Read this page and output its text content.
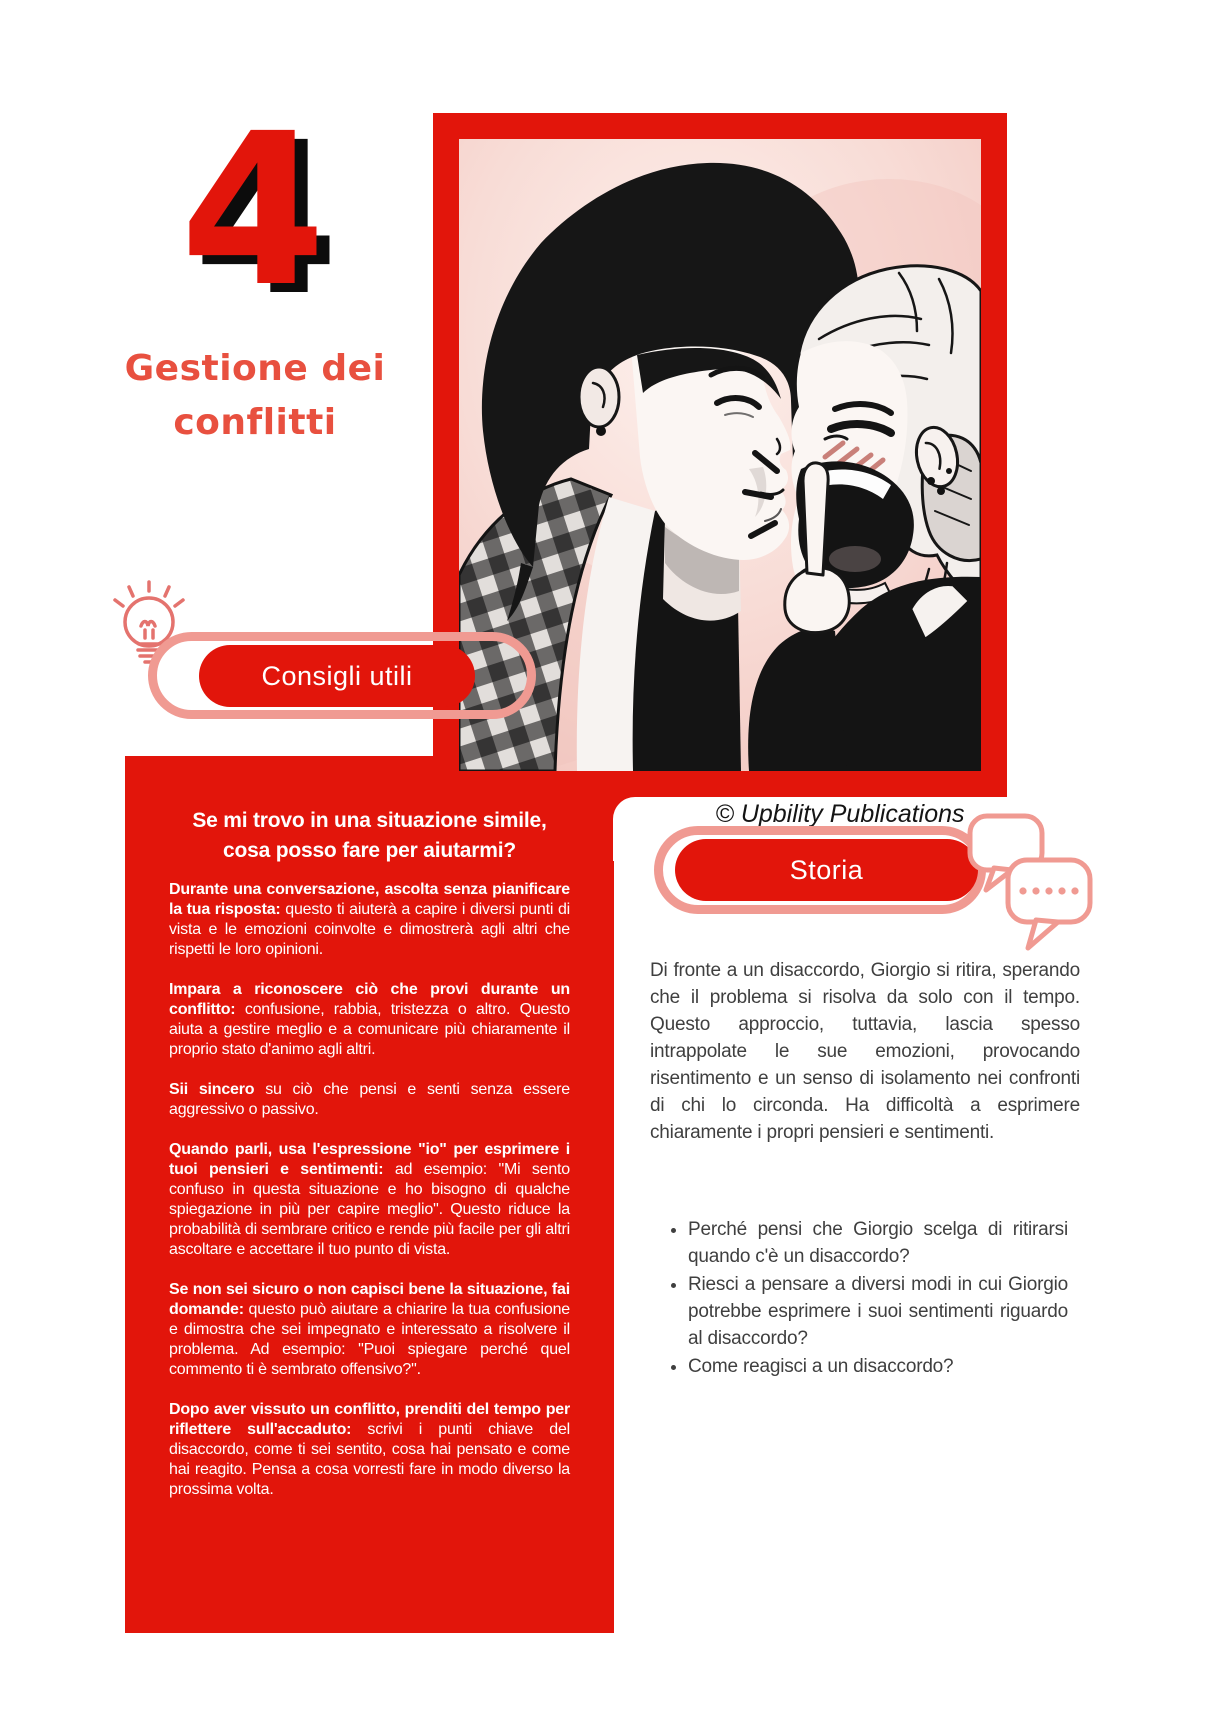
4
Gestione dei
conflitti

Se mi trovo in una situazione simile, cosa posso fare per aiutarmi?

Durante una conversazione, ascolta senza pianificare la tua risposta: questo ti aiuterà a capire i diversi punti di vista e le emozioni coinvolte e dimostrerà agli altri che rispetti le loro opinioni.

Impara a riconoscere ciò che provi durante un conflitto: confusione, rabbia, tristezza o altro. Questo aiuta a gestire meglio e a comunicare più chiaramente il proprio stato d'animo agli altri.

Sii sincero su ciò che pensi e senti senza essere aggressivo o passivo.

Quando parli, usa l'espressione "io" per esprimere i tuoi pensieri e sentimenti: ad esempio: "Mi sento confuso in questa situazione e ho bisogno di qualche spiegazione in più per capire meglio". Questo riduce la probabilità di sembrare critico e rende più facile per gli altri ascoltare e accettare il tuo punto di vista.

Se non sei sicuro o non capisci bene la situazione, fai domande: questo può aiutare a chiarire la tua confusione e dimostra che sei impegnato e interessato a risolvere il problema. Ad esempio: "Puoi spiegare perché quel commento ti è sembrato offensivo?".

Dopo aver vissuto un conflitto, prenditi del tempo per riflettere sull'accaduto: scrivi i punti chiave del disaccordo, come ti sei sentito, cosa hai pensato e come hai reagito. Pensa a cosa vorresti fare in modo diverso la prossima volta.

Consigli utili
© Upbility Publications
Storia
Di fronte a un disaccordo, Giorgio si ritira, sperando che il problema si risolva da solo con il tempo. Questo approccio, tuttavia, lascia spesso intrappolate le sue emozioni, provocando risentimento e un senso di isolamento nei confronti di chi lo circonda. Ha difficoltà a esprimere chiaramente i propri pensieri e sentimenti.
• Perché pensi che Giorgio scelga di ritirarsi quando c'è un disaccordo?
• Riesci a pensare a diversi modi in cui Giorgio potrebbe esprimere i suoi sentimenti riguardo al disaccordo?
• Come reagisci a un disaccordo?
